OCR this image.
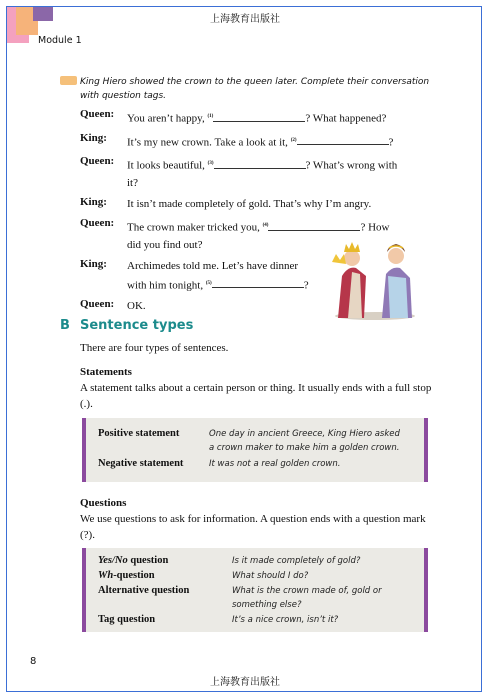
上海教育出版社
Module 1
King Hiero showed the crown to the queen later. Complete their conversation with question tags.
Queen:	You aren’t happy, $^{(1)}$	? What happened?
King:	It’s my new crown. Take a look at it, $^{(2)}$	?
Queen:	It looks beautiful, $^{(3)}$	? What’s wrong with
it?
King:	It isn’t made completely of gold. That’s why I’m angry.
Queen:	The crown maker tricked you, $^{(4)}$	? How
did you find out?
King:	Archimedes told me. Let’s have dinner
with him tonight, $^{(5)}$	?
Queen:	OK.
B Sentence types
There are four types of sentences.
Statements
A statement talks about a certain person or thing. It usually ends with a full stop (.).
Positive statement	One day in ancient Greece, King Hiero asked
a crown maker to make him a golden crown.
Negative statement	It was not a real golden crown.
Questions
We use questions to ask for information. A question ends with a question mark (?).
Yes/No question	Is it made completely of gold?
Wh-question	What should I do?
Alternative question	What is the crown made of, gold or
something else?
Tag question	It’s a nice crown, isn’t it?
8
上海教育出版社
